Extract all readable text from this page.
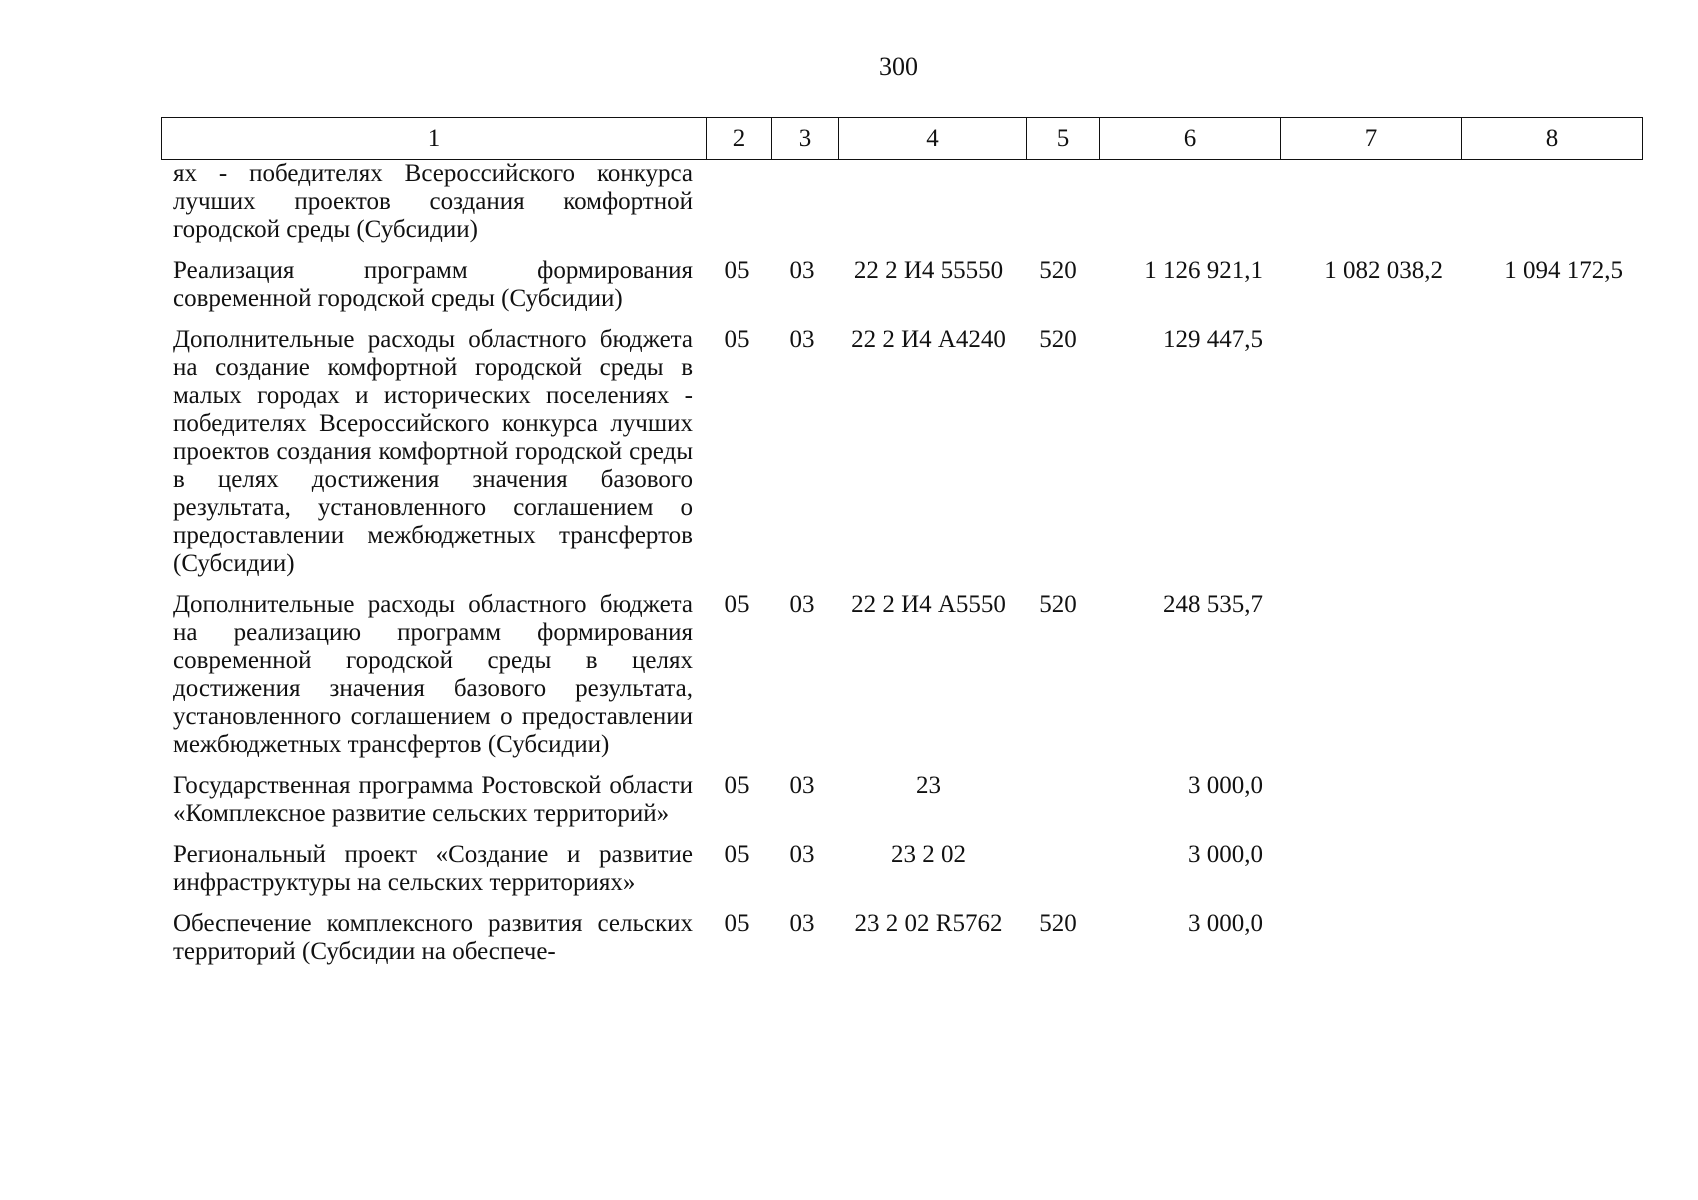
300
1	2	3	4	5	6	7	8
ях - победителях Всероссийского конкурса лучших проектов создания комфортной городской среды (Субсидии)							
Реализация программ формирования современной городской среды (Субсидии)	05	03	22 2 И4 55550	520	1 126 921,1	1 082 038,2	1 094 172,5
Дополнительные расходы областного бюджета на создание комфортной городской среды в малых городах и исторических поселениях - победителях Всероссийского конкурса лучших проектов создания комфортной городской среды в целях достижения значения базового результата, установленного соглашением о предоставлении межбюджетных трансфертов (Субсидии)	05	03	22 2 И4 А4240	520	129 447,5		
Дополнительные расходы областного бюджета на реализацию программ формирования современной городской среды в целях достижения значения базового результата, установленного соглашением о предоставлении межбюджетных трансфертов (Субсидии)	05	03	22 2 И4 А5550	520	248 535,7		
Государственная программа Ростовской области «Комплексное развитие сельских территорий»	05	03	23		3 000,0		
Региональный проект «Создание и развитие инфраструктуры на сельских территориях»	05	03	23 2 02		3 000,0		
Обеспечение комплексного развития сельских территорий (Субсидии на обеспече-	05	03	23 2 02 R5762	520	3 000,0		
